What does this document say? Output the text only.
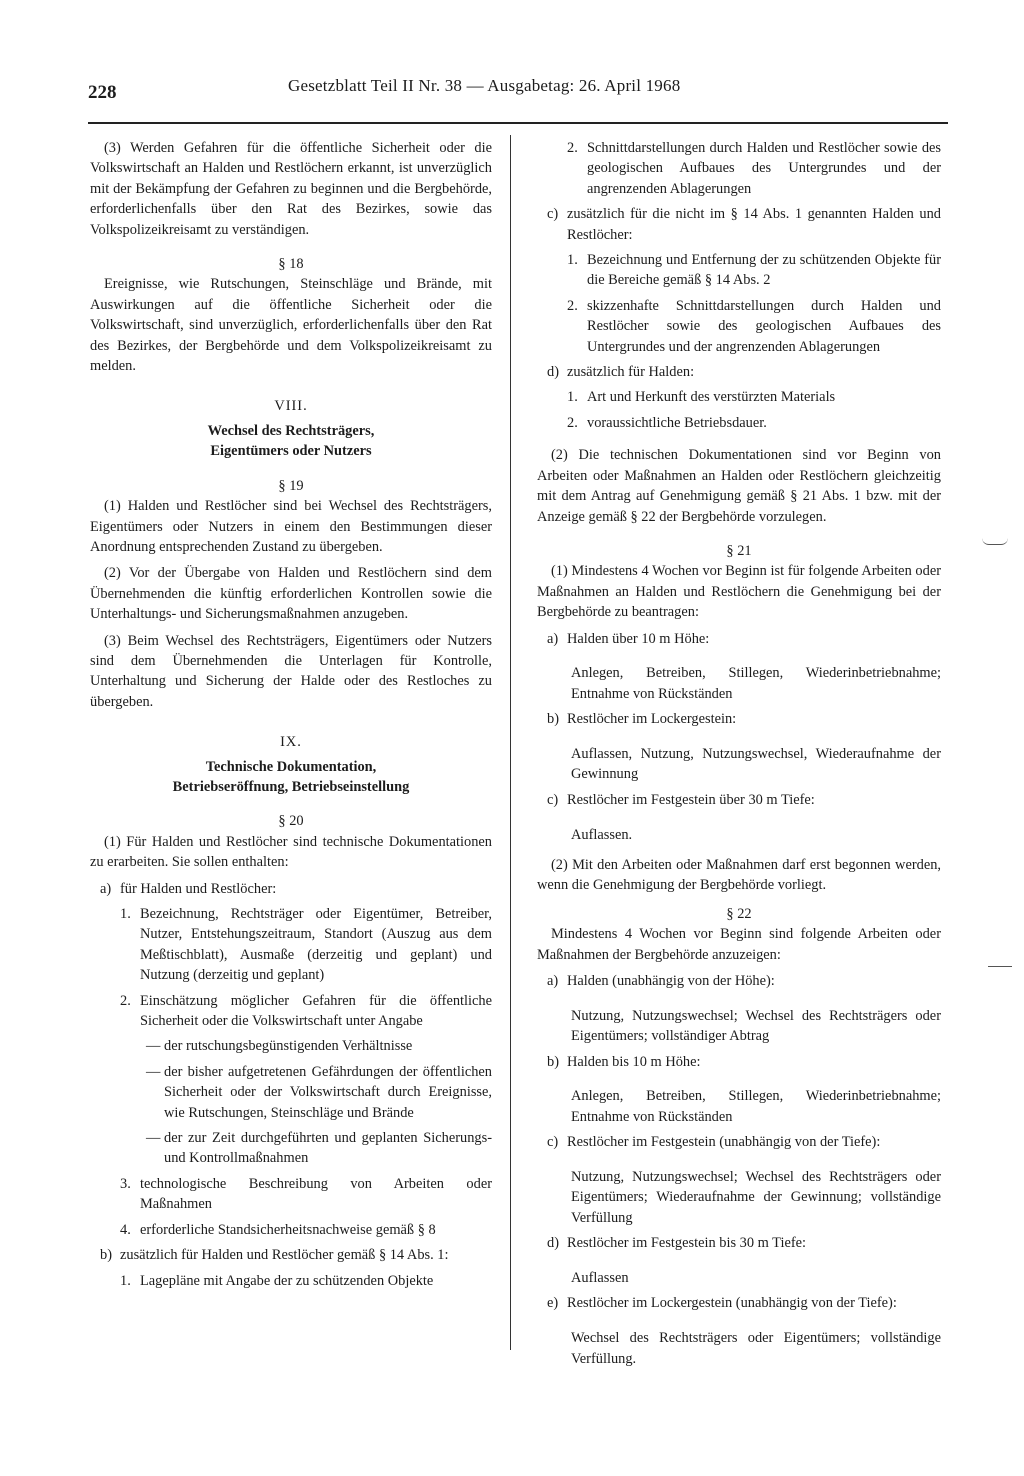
228	Gesetzblatt Teil II Nr. 38 — Ausgabetag: 26. April 1968

(3) Werden Gefahren für die öffentliche Sicherheit oder die Volkswirtschaft an Halden und Restlöchern erkannt, ist unverzüglich mit der Bekämpfung der Gefahren zu beginnen und die Bergbehörde, erforderlichenfalls über den Rat des Bezirkes, sowie das Volkspolizeikreisamt zu verständigen.

§ 18

Ereignisse, wie Rutschungen, Steinschläge und Brände, mit Auswirkungen auf die öffentliche Sicherheit oder die Volkswirtschaft, sind unverzüglich, erforderlichenfalls über den Rat des Bezirkes, der Bergbehörde und dem Volkspolizeikreisamt zu melden.

VIII.

Wechsel des Rechtsträgers,

Eigentümers oder Nutzers

§ 19

(1) Halden und Restlöcher sind bei Wechsel des Rechtsträgers, Eigentümers oder Nutzers in einem den Bestimmungen dieser Anordnung entsprechenden Zustand zu übergeben.

(2) Vor der Übergabe von Halden und Restlöchern sind dem Übernehmenden die künftig erforderlichen Kontrollen sowie die Unterhaltungs- und Sicherungsmaßnahmen anzugeben.

(3) Beim Wechsel des Rechtsträgers, Eigentümers oder Nutzers sind dem Übernehmenden die Unterlagen für Kontrolle, Unterhaltung und Sicherung der Halde oder des Restloches zu übergeben.

IX.

Technische Dokumentation,

Betriebseröffnung, Betriebseinstellung

§ 20

(1) Für Halden und Restlöcher sind technische Dokumentationen zu erarbeiten. Sie sollen enthalten:

a) für Halden und Restlöcher:
1. Bezeichnung, Rechtsträger oder Eigentümer, Betreiber, Nutzer, Entstehungszeitraum, Standort (Auszug aus dem Meßtischblatt), Ausmaße (derzeitig und geplant) und Nutzung (derzeitig und geplant)
2. Einschätzung möglicher Gefahren für die öffentliche Sicherheit oder die Volkswirtschaft unter Angabe
— der rutschungsbegünstigenden Verhältnisse
— der bisher aufgetretenen Gefährdungen der öffentlichen Sicherheit oder der Volkswirtschaft durch Ereignisse, wie Rutschungen, Steinschläge und Brände
— der zur Zeit durchgeführten und geplanten Sicherungs- und Kontrollmaßnahmen
3. technologische Beschreibung von Arbeiten oder Maßnahmen
4. erforderliche Standsicherheitsnachweise gemäß § 8
b) zusätzlich für Halden und Restlöcher gemäß § 14 Abs. 1:
1. Lagepläne mit Angabe der zu schützenden Objekte
2. Schnittdarstellungen durch Halden und Restlöcher sowie des geologischen Aufbaues des Untergrundes und der angrenzenden Ablagerungen
c) zusätzlich für die nicht im § 14 Abs. 1 genannten Halden und Restlöcher:
1. Bezeichnung und Entfernung der zu schützenden Objekte für die Bereiche gemäß § 14 Abs. 2
2. skizzenhafte Schnittdarstellungen durch Halden und Restlöcher sowie des geologischen Aufbaues des Untergrundes und der angrenzenden Ablagerungen
d) zusätzlich für Halden:
1. Art und Herkunft des verstürzten Materials
2. voraussichtliche Betriebsdauer.

(2) Die technischen Dokumentationen sind vor Beginn von Arbeiten oder Maßnahmen an Halden oder Restlöchern gleichzeitig mit dem Antrag auf Genehmigung gemäß § 21 Abs. 1 bzw. mit der Anzeige gemäß § 22 der Bergbehörde vorzulegen.

§ 21

(1) Mindestens 4 Wochen vor Beginn ist für folgende Arbeiten oder Maßnahmen an Halden und Restlöchern die Genehmigung bei der Bergbehörde zu beantragen:

a) Halden über 10 m Höhe:

Anlegen, Betreiben, Stillegen, Wiederinbetriebnahme; Entnahme von Rückständen

b) Restlöcher im Lockergestein:

Auflassen, Nutzung, Nutzungswechsel, Wiederaufnahme der Gewinnung

c) Restlöcher im Festgestein über 30 m Tiefe:

Auflassen.

(2) Mit den Arbeiten oder Maßnahmen darf erst begonnen werden, wenn die Genehmigung der Bergbehörde vorliegt.

§ 22

Mindestens 4 Wochen vor Beginn sind folgende Arbeiten oder Maßnahmen der Bergbehörde anzuzeigen:

a) Halden (unabhängig von der Höhe):

Nutzung, Nutzungswechsel; Wechsel des Rechtsträgers oder Eigentümers; vollständiger Abtrag

b) Halden bis 10 m Höhe:

Anlegen, Betreiben, Stillegen, Wiederinbetriebnahme; Entnahme von Rückständen

c) Restlöcher im Festgestein (unabhängig von der Tiefe):

Nutzung, Nutzungswechsel; Wechsel des Rechtsträgers oder Eigentümers; Wiederaufnahme der Gewinnung; vollständige Verfüllung

d) Restlöcher im Festgestein bis 30 m Tiefe:

Auflassen

e) Restlöcher im Lockergestein (unabhängig von der Tiefe):

Wechsel des Rechtsträgers oder Eigentümers; vollständige Verfüllung.
